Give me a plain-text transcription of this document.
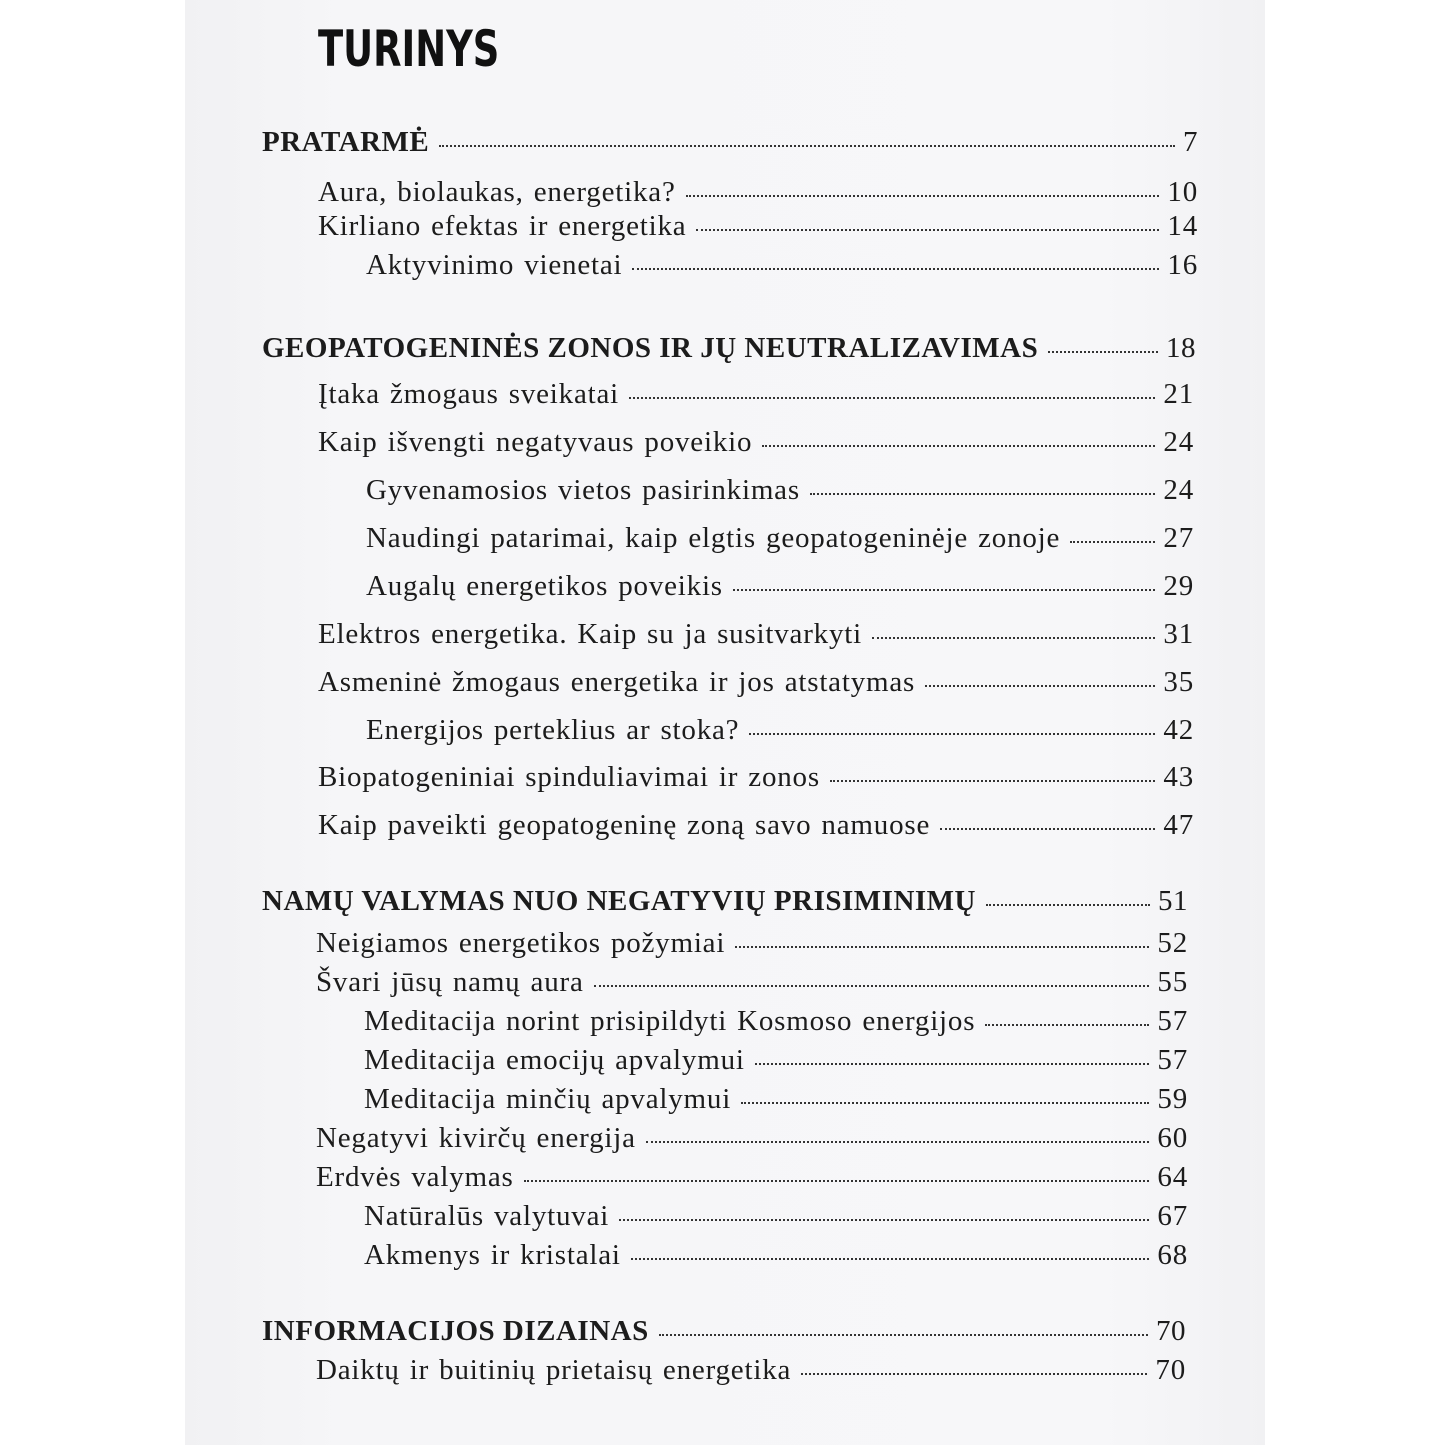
TURINYS
PRATARMĖ	7
Aura, biolaukas, energetika?	10
Kirliano efektas ir energetika	14
Aktyvinimo vienetai	16
GEOPATOGENINĖS ZONOS IR JŲ NEUTRALIZAVIMAS	18
Įtaka žmogaus sveikatai	21
Kaip išvengti negatyvaus poveikio	24
Gyvenamosios vietos pasirinkimas	24
Naudingi patarimai, kaip elgtis geopatogeninėje zonoje	27
Augalų energetikos poveikis	29
Elektros energetika. Kaip su ja susitvarkyti	31
Asmeninė žmogaus energetika ir jos atstatymas	35
Energijos perteklius ar stoka?	42
Biopatogeniniai spinduliavimai ir zonos	43
Kaip paveikti geopatogeninę zoną savo namuose	47
NAMŲ VALYMAS NUO NEGATYVIŲ PRISIMINIMŲ	51
Neigiamos energetikos požymiai	52
Švari jūsų namų aura	55
Meditacija norint prisipildyti Kosmoso energijos	57
Meditacija emocijų apvalymui	57
Meditacija minčių apvalymui	59
Negatyvi kivirčų energija	60
Erdvės valymas	64
Natūralūs valytuvai	67
Akmenys ir kristalai	68
INFORMACIJOS DIZAINAS	70
Daiktų ir buitinių prietaisų energetika	70
